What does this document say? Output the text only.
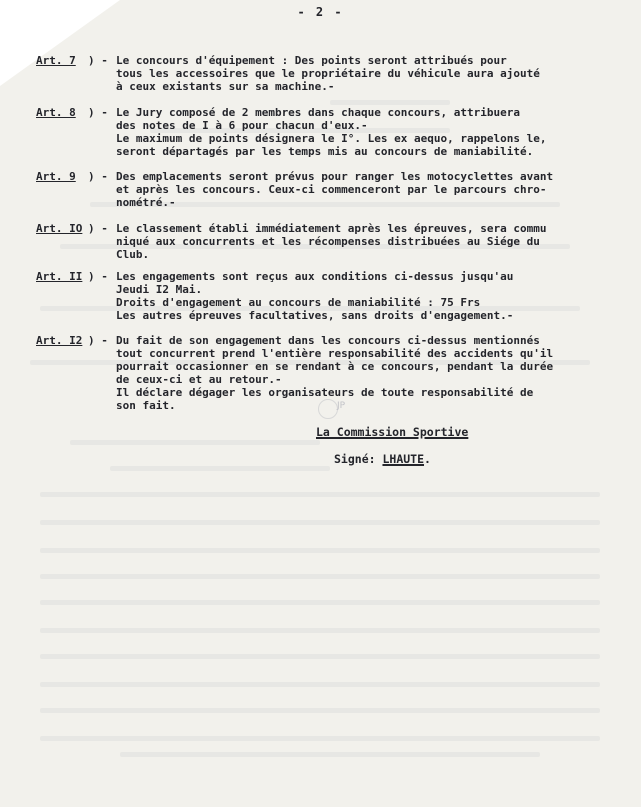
- 2 -
Art. 7 ) - Le concours d'équipement : Des points seront attribués pour
tous les accessoires que le propriétaire du véhicule aura ajouté
à ceux existants sur sa machine.-
Art. 8 ) - Le Jury composé de 2 membres dans chaque concours, attribuera
des notes de I à 6 pour chacun d'eux.-
Le maximum de points désignera le I°. Les ex aequo, rappelons le,
seront départagés par les temps mis au concours de maniabilité.
Art. 9 ) - Des emplacements seront prévus pour ranger les motocyclettes avant
et après les concours. Ceux-ci commenceront par le parcours chro-
nométré.-
Art. IO ) - Le classement établi immédiatement après les épreuves, sera commu
niqué aux concurrents et les récompenses distribuées au Siége du
Club.
Art. II ) - Les engagements sont reçus aux conditions ci-dessus jusqu'au
Jeudi I2 Mai.
Droits d'engagement au concours de maniabilité : 75 Frs
Les autres épreuves facultatives, sans droits d'engagement.-
Art. I2 ) - Du fait de son engagement dans les concours ci-dessus mentionnés
tout concurrent prend l'entière responsabilité des accidents qu'il
pourrait occasionner en se rendant à ce concours, pendant la durée
de ceux-ci et au retour.-
Il déclare dégager les organisateurs de toute responsabilité de
son fait.	JP
La Commission Sportive
Signé: LHAUTE.
